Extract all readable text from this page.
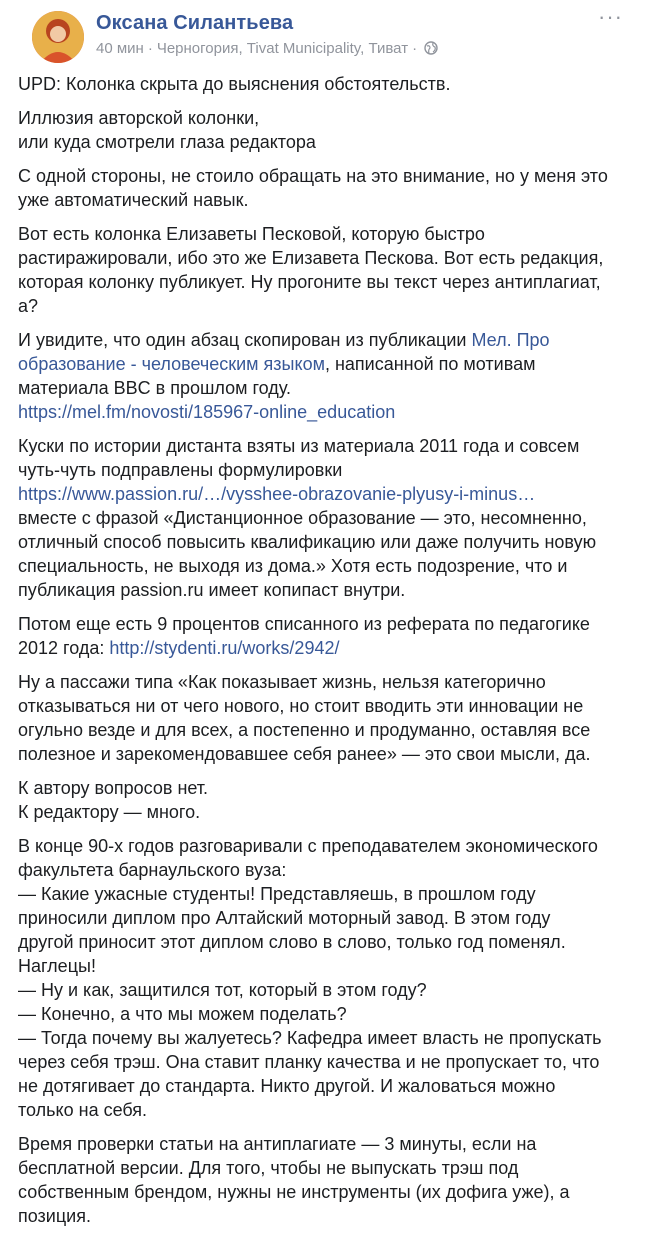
Оксана Силантьева
40 мин · Черногория, Tivat Municipality, Тиват ·
···

UPD: Колонка скрыта до выяснения обстоятельств.

Иллюзия авторской колонки,
или куда смотрели глаза редактора

С одной стороны, не стоило обращать на это внимание, но у меня это
уже автоматический навык.

Вот есть колонка Елизаветы Песковой, которую быстро
растиражировали, ибо это же Елизавета Пескова. Вот есть редакция,
которая колонку публикует. Ну прогоните вы текст через антиплагиат,
а?

И увидите, что один абзац скопирован из публикации Мел. Про
образование - человеческим языком, написанной по мотивам
материала BBC в прошлом году.
https://mel.fm/novosti/185967-online_education

Куски по истории дистанта взяты из материала 2011 года и совсем
чуть-чуть подправлены формулировки
https://www.passion.ru/…/vysshee-obrazovanie-plyusy-i-minus…
вместе с фразой «Дистанционное образование — это, несомненно,
отличный способ повысить квалификацию или даже получить новую
специальность, не выходя из дома.» Хотя есть подозрение, что и
публикация passion.ru имеет копипаст внутри.

Потом еще есть 9 процентов списанного из реферата по педагогике
2012 года: http://stydenti.ru/works/2942/

Ну а пассажи типа «Как показывает жизнь, нельзя категорично
отказываться ни от чего нового, но стоит вводить эти инновации не
огульно везде и для всех, а постепенно и продуманно, оставляя все
полезное и зарекомендовавшее себя ранее» — это свои мысли, да.

К автору вопросов нет.
К редактору — много.

В конце 90-х годов разговаривали с преподавателем экономического
факультета барнаульского вуза:
— Какие ужасные студенты! Представляешь, в прошлом году
приносили диплом про Алтайский моторный завод. В этом году
другой приносит этот диплом слово в слово, только год поменял.
Наглецы!
— Ну и как, защитился тот, который в этом году?
— Конечно, а что мы можем поделать?
— Тогда почему вы жалуетесь? Кафедра имеет власть не пропускать
через себя трэш. Она ставит планку качества и не пропускает то, что
не дотягивает до стандарта. Никто другой. И жаловаться можно
только на себя.

Время проверки статьи на антиплагиате — 3 минуты, если на
бесплатной версии. Для того, чтобы не выпускать трэш под
собственным брендом, нужны не инструменты (их дофига уже), а
позиция.
